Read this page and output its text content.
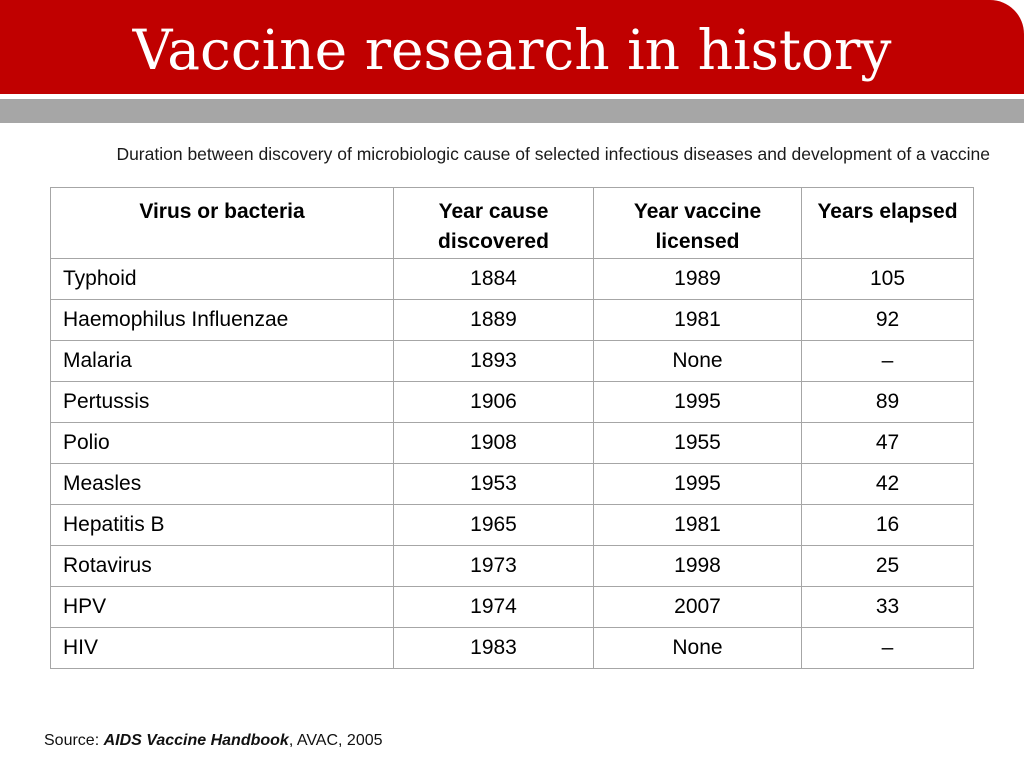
Vaccine research in history
Duration between discovery of microbiologic cause of selected infectious diseases and development of a vaccine
Virus or bacteria	Year cause discovered	Year vaccine licensed	Years elapsed
Typhoid	1884	1989	105
Haemophilus Influenzae	1889	1981	92
Malaria	1893	None	–
Pertussis	1906	1995	89
Polio	1908	1955	47
Measles	1953	1995	42
Hepatitis B	1965	1981	16
Rotavirus	1973	1998	25
HPV	1974	2007	33
HIV	1983	None	–
Source: AIDS Vaccine Handbook, AVAC, 2005
